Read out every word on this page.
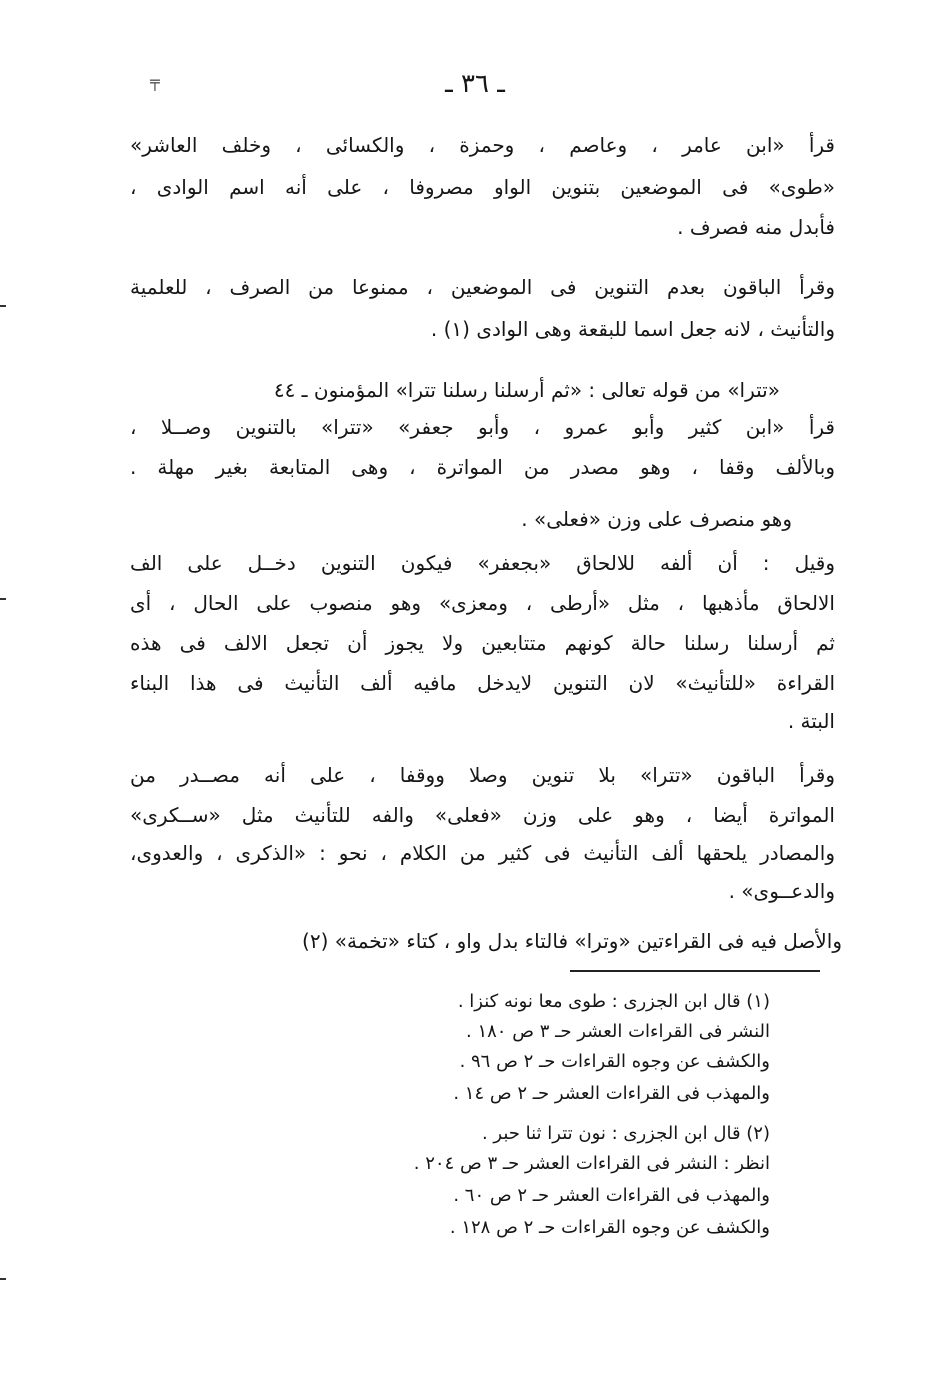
╤	ـ ٣٦ ـ
قرأ «ابن عامر ، وعاصم ، وحمزة ، والكسائى ، وخلف العاشر»
«طوى» فى الموضعين بتنوين الواو مصروفا ، على أنه اسم الوادى ،
فأبدل منه فصرف .
وقرأ الباقون بعدم التنوين فى الموضعين ، ممنوعا من الصرف ، للعلمية
والتأنيث ، لانه جعل اسما للبقعة وهى الوادى (١) .
«تترا» من قوله تعالى : «ثم أرسلنا رسلنا تترا» المؤمنون ـ ٤٤
قرأ «ابن كثير وأبو عمرو ، وأبو جعفر» «تترا» بالتنوين وصــلا ،
وبالألف وقفا ، وهو مصدر من المواترة ، وهى المتابعة بغير مهلة .
وهو منصرف على وزن «فعلى» .
وقيل : أن ألفه للالحاق «بجعفر» فيكون التنوين دخــل على الف
الالحاق مأذهبها ، مثل «أرطى ، ومعزى» وهو منصوب على الحال ، أى
ثم أرسلنا رسلنا حالة كونهم متتابعين ولا يجوز أن تجعل الالف فى هذه
القراءة «للتأنيث» لان التنوين لايدخل مافيه ألف التأنيث فى هذا البناء
البتة .
وقرأ الباقون «تترا» بلا تنوين وصلا ووقفا ، على أنه مصــدر من
المواترة أيضا ، وهو على وزن «فعلى» والفه للتأنيث مثل «ســكرى»
والمصادر يلحقها ألف التأنيث فى كثير من الكلام ، نحو : «الذكرى ، والعدوى،
والدعــوى» .
والأصل فيه فى القراءتين «وترا» فالتاء بدل واو ، كتاء «تخمة» (٢)
(١) قال ابن الجزرى : طوى معا نونه كنزا .
النشر فى القراءات العشر حـ ٣ ص ١٨٠ .
والكشف عن وجوه القراءات حـ ٢ ص ٩٦ .
والمهذب فى القراءات العشر حـ ٢ ص ١٤ .
(٢) قال ابن الجزرى : نون تترا ثنا حبر .
انظر : النشر فى القراءات العشر حـ ٣ ص ٢٠٤ .
والمهذب فى القراءات العشر حـ ٢ ص ٦٠ .
والكشف عن وجوه القراءات حـ ٢ ص ١٢٨ .
